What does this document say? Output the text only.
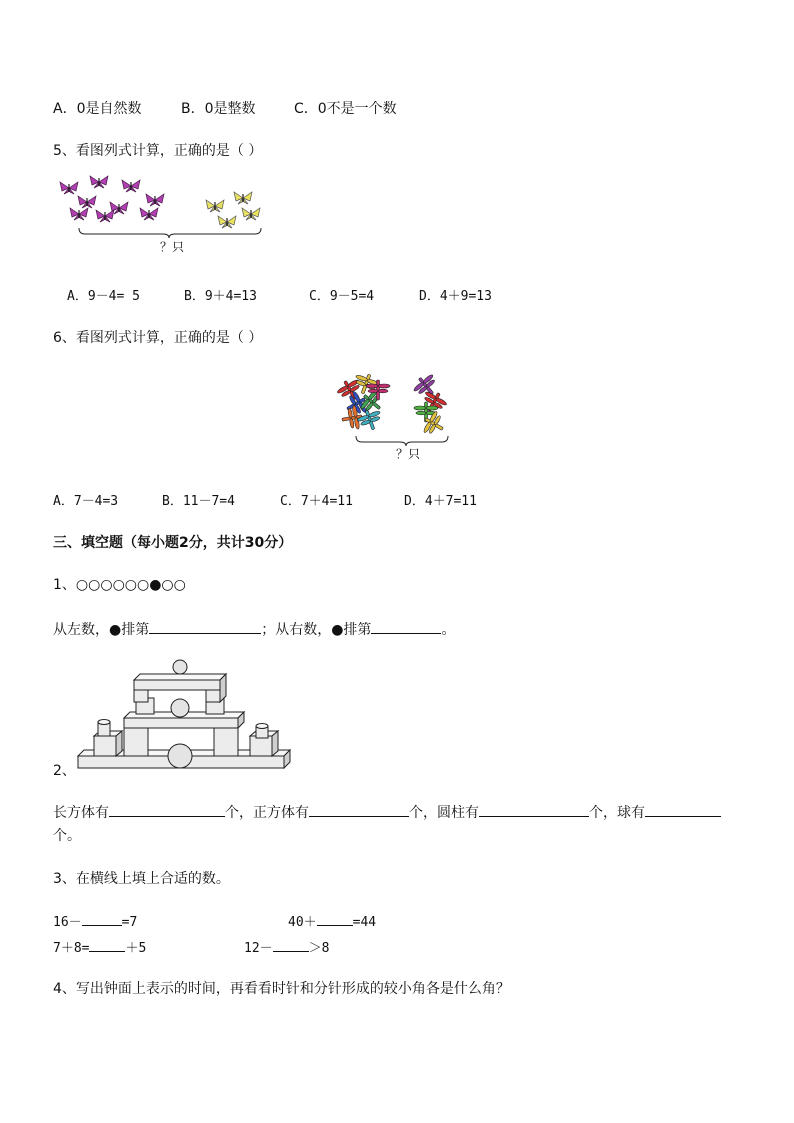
A．0是自然数	B．0是整数	C．0不是一个数
5、看图列式计算，正确的是（ ）
？只
A．9－4= 5	B．9＋4=13	C．9－5=4	D．4＋9=13
6、看图列式计算，正确的是（ ）
？只
A．7－4=3	B．11－7=4	C．7＋4=11	D．4＋7=11
三、填空题（每小题2分，共计30分）
1、○○○○○○●○○
从左数，●排第	；从右数，●排第	。
2、
长方体有	个，正方体有	个，圆柱有	个，球有
个。
3、在横线上填上合适的数。
16－	=7	40＋	=44
7＋8=	＋5	12－	＞8
4、写出钟面上表示的时间，再看看时针和分针形成的较小角各是什么角？
